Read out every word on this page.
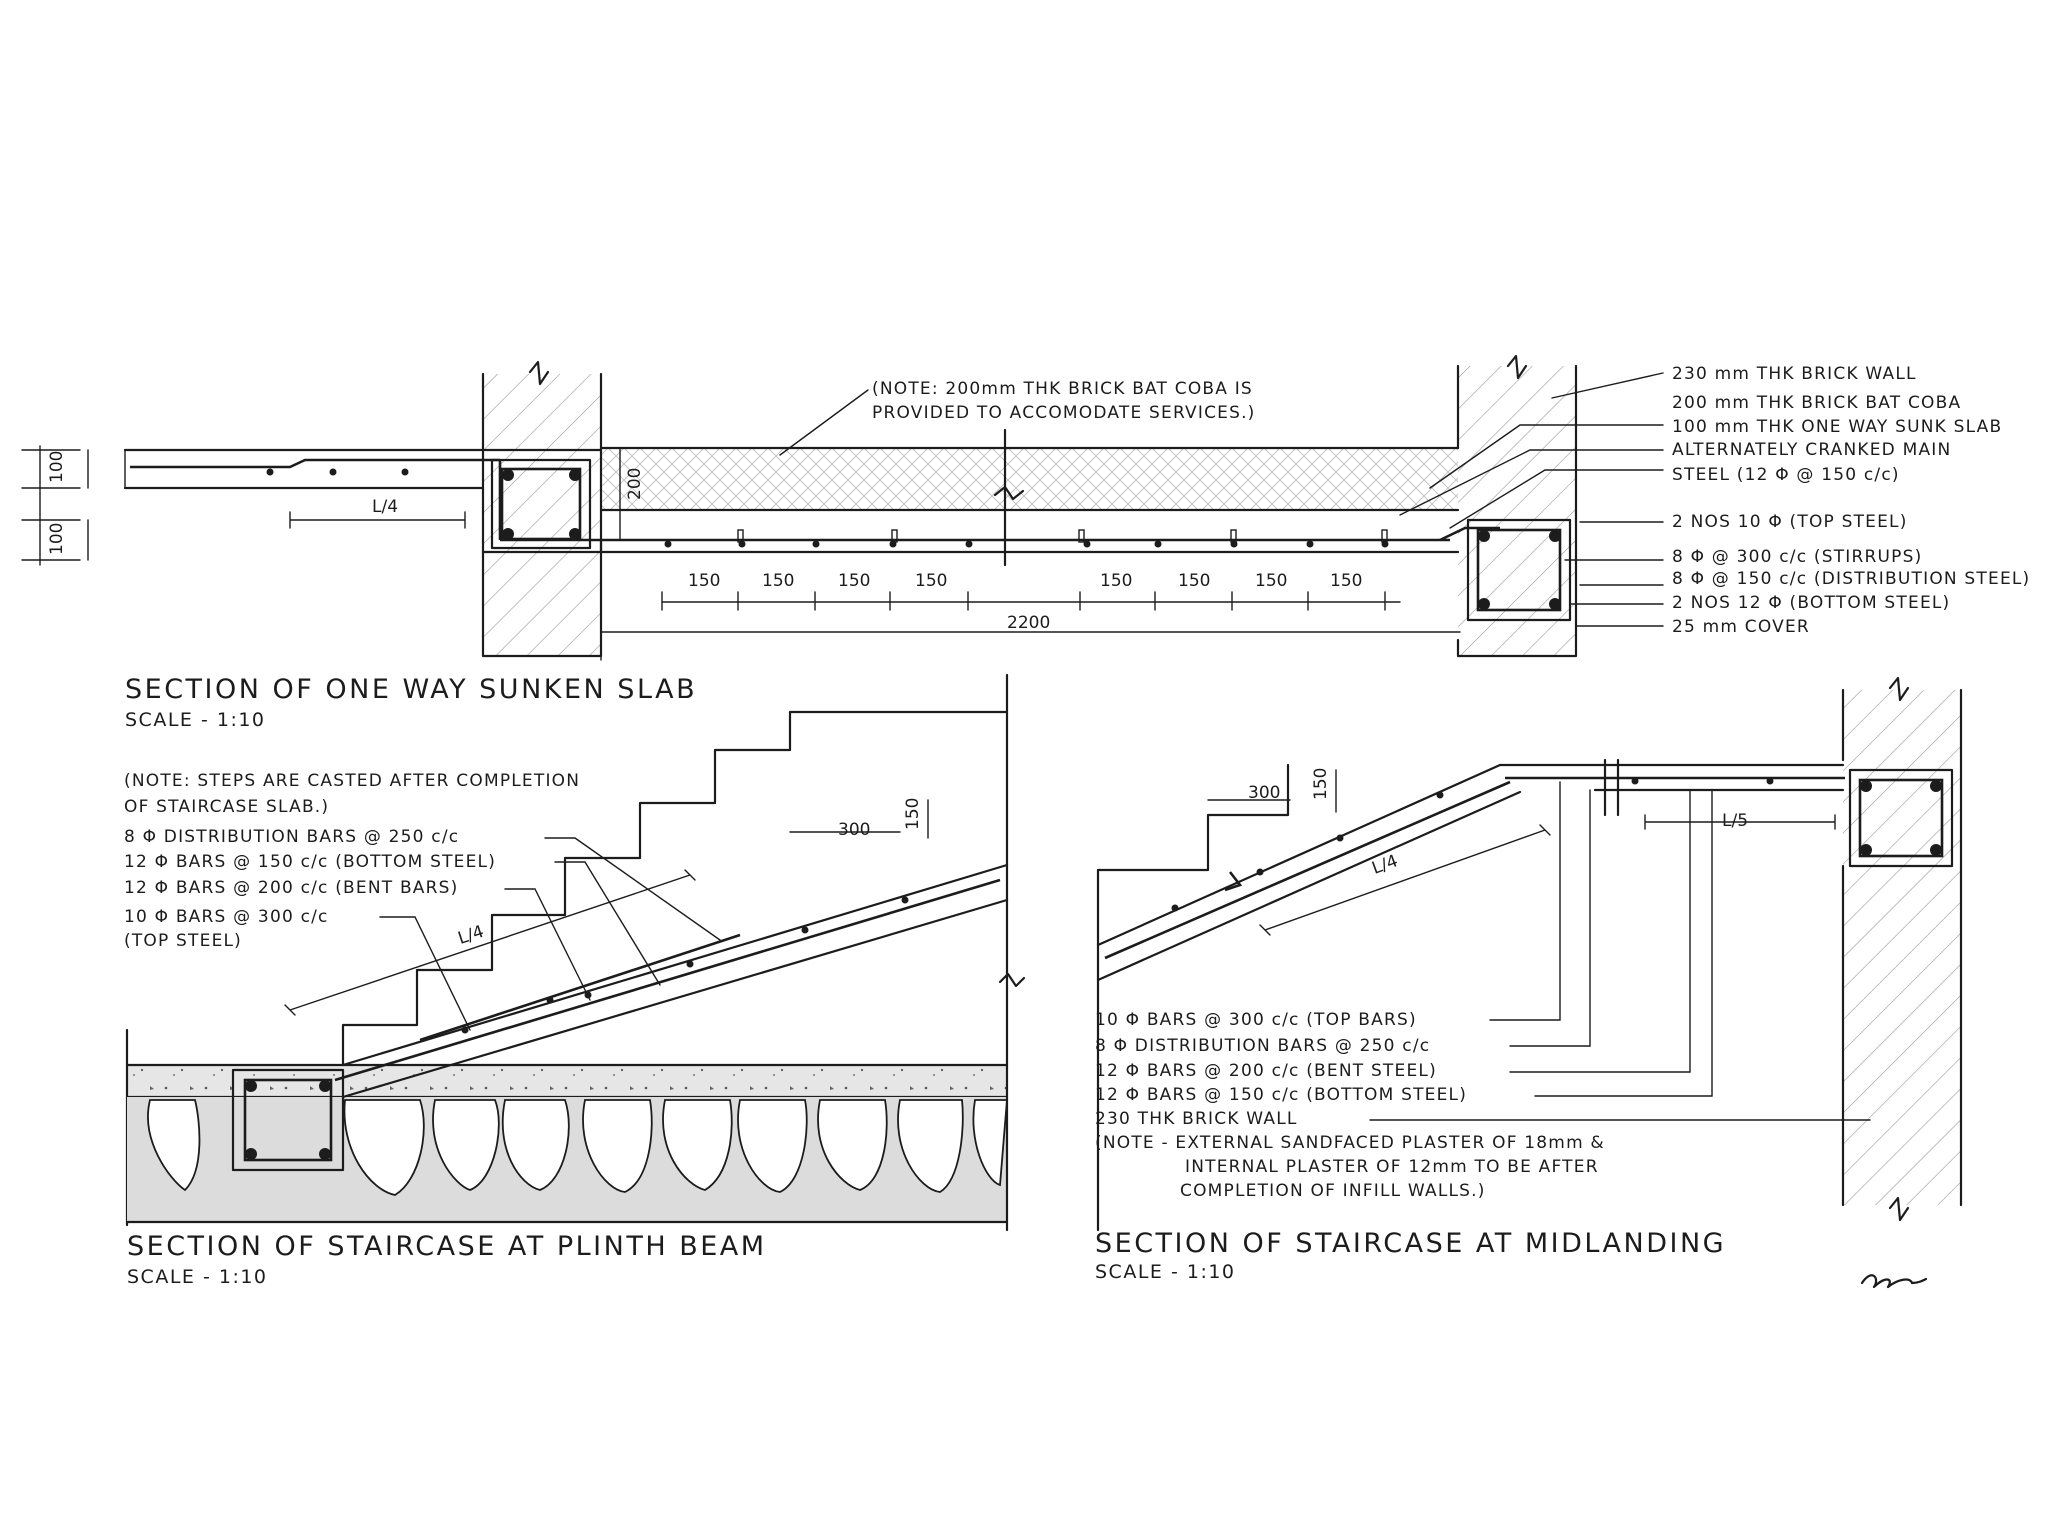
200
L/4
100
100
150 150	150	150	150	150	150	150
2200
(NOTE: 200mm THK BRICK BAT COBA IS
PROVIDED TO ACCOMODATE SERVICES.)
230 mm THK BRICK WALL
200 mm THK BRICK BAT COBA
100 mm THK ONE WAY SUNK SLAB
ALTERNATELY CRANKED MAIN
STEEL (12 Φ @ 150 c/c)
2 NOS 10 Φ (TOP STEEL)
8 Φ @ 300 c/c (STIRRUPS)
8 Φ @ 150 c/c (DISTRIBUTION STEEL)
2 NOS 12 Φ (BOTTOM STEEL)
25 mm COVER
SECTION OF ONE WAY SUNKEN SLAB
SCALE - 1:10
L/4
300 150
(NOTE: STEPS ARE CASTED AFTER COMPLETION
OF STAIRCASE SLAB.)
8 Φ DISTRIBUTION BARS @ 250 c/c
12 Φ BARS @ 150 c/c (BOTTOM STEEL)
12 Φ BARS @ 200 c/c (BENT BARS)
10 Φ BARS @ 300 c/c
(TOP STEEL)
SECTION OF STAIRCASE AT PLINTH BEAM
SCALE - 1:10
300 150
L/4
L/5
10 Φ BARS @ 300 c/c (TOP BARS)
8 Φ DISTRIBUTION BARS @ 250 c/c
12 Φ BARS @ 200 c/c (BENT STEEL)
12 Φ BARS @ 150 c/c (BOTTOM STEEL)
230 THK BRICK WALL
(NOTE - EXTERNAL SANDFACED PLASTER OF 18mm &
INTERNAL PLASTER OF 12mm TO BE AFTER
COMPLETION OF INFILL WALLS.)
SECTION OF STAIRCASE AT MIDLANDING
SCALE - 1:10
